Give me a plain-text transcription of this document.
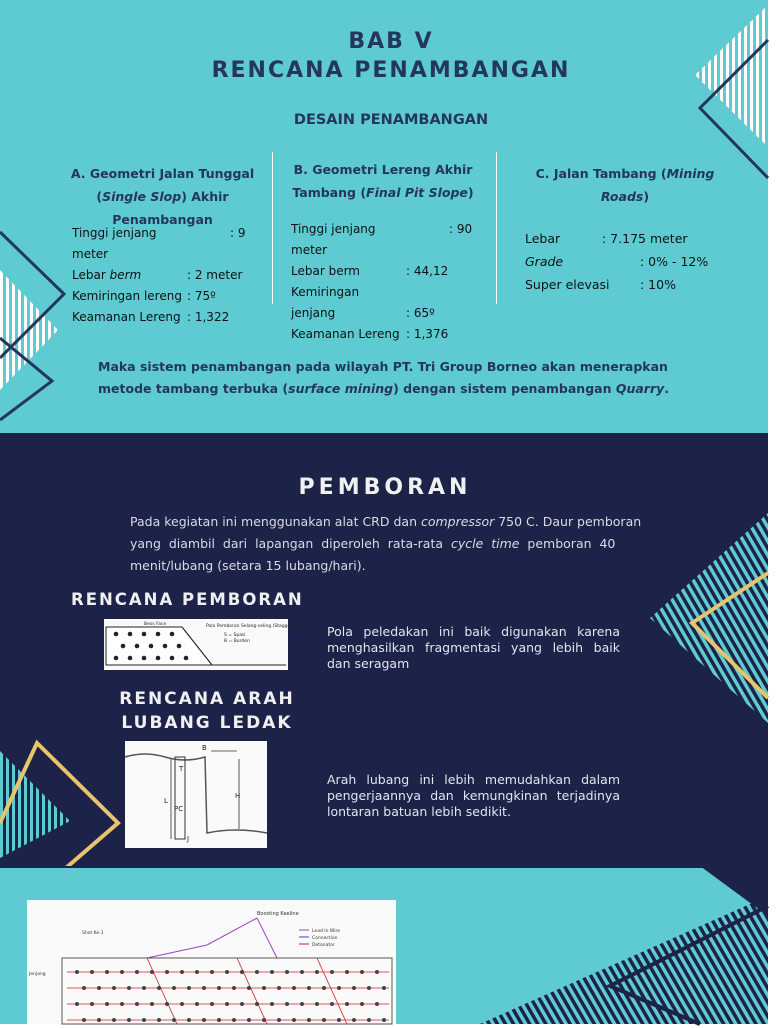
BAB V
RENCANA PENAMBANGAN
DESAIN PENAMBANGAN
A. Geometri Jalan Tunggal
(Single Slop) Akhir
Penambangan
Tinggi jenjang	: 9
meter
Lebar berm	: 2 meter
Kemiringan lereng : 75º
Keamanan Lereng : 1,322
B. Geometri Lereng Akhir
Tambang (Final Pit Slope)
Tinggi jenjang	: 90
meter
Lebar berm	: 44,12
Kemiringan jenjang	: 65º
Keamanan Lereng : 1,376
C. Jalan Tambang (Mining
Roads)
Lebar	: 7.175 meter
Grade	: 0% - 12%
Super elevasi : 10%
Maka sistem penambangan pada wilayah PT. Tri Group Borneo akan menerapkan
metode tambang terbuka (surface mining) dengan sistem penambangan Quarry.
PEMBORAN
Pada kegiatan ini menggunakan alat CRD dan compressor 750 C. Daur pemboran
yang  diambil  dari  lapangan  diperoleh  rata-rata  cycle  time  pemboran  40
menit/lubang (setara 15 lubang/hari).
RENCANA PEMBORAN
Bess Face	Pola Pemboran Selang-seling (Staggered)
S = Spasi
B = Burden
Pola peledakan ini baik digunakan karena menghasilkan fragmentasi yang lebih baik dan seragam
RENCANA ARAH
LUBANG LEDAK
B
T
L
PC
H
J
Arah lubang ini lebih memudahkan dalam pengerjaannya dan kemungkinan terjadinya lontaran batuan lebih sedikit.
Boosting Keeline
Lead In Wire
Connection
Detonator
Shot Ke-1
Jenjang
